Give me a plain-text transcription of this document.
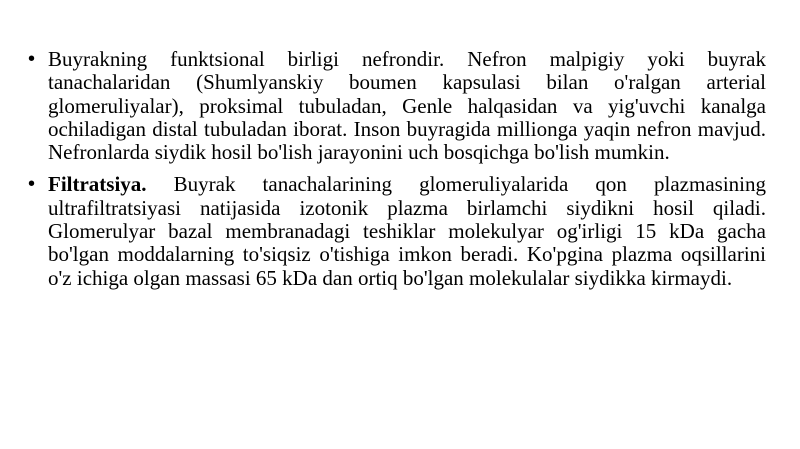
• Buyrakning funktsional birligi nefrondir. Nefron malpigiy yoki buyrak tanachalaridan (Shumlyanskiy boumen kapsulasi bilan o'ralgan arterial glomeruliyalar), proksimal tubuladan, Genle halqasidan va yig'uvchi kanalga ochiladigan distal tubuladan iborat. Inson buyragida millionga yaqin nefron mavjud. Nefronlarda siydik hosil bo'lish jarayonini uch bosqichga bo'lish mumkin.
• Filtratsiya. Buyrak tanachalarining glomeruliyalarida qon plazmasining ultrafiltratsiyasi natijasida izotonik plazma birlamchi siydikni hosil qiladi. Glomerulyar bazal membranadagi teshiklar molekulyar og'irligi 15 kDa gacha bo'lgan moddalarning to'siqsiz o'tishiga imkon beradi. Ko'pgina plazma oqsillarini o'z ichiga olgan massasi 65 kDa dan ortiq bo'lgan molekulalar siydikka kirmaydi.
